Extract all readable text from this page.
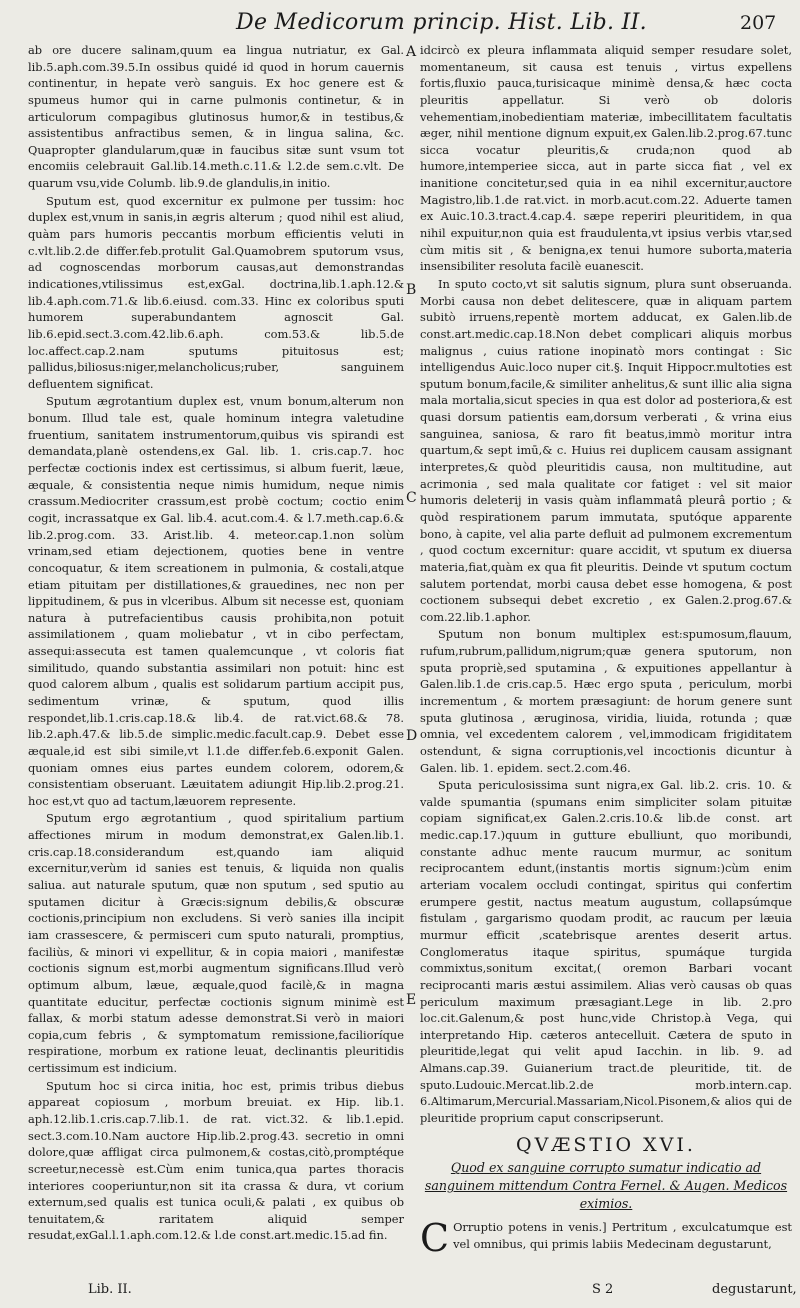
De Medicorum princip. Hist. Lib. II.	207

ab ore ducere salinam,quum ea lingua nutriatur, ex Gal. lib.5.aph.com.39.5.In ossibus quidé id quod in horum cauernis continentur, in hepate verò sanguis. Ex hoc genere est & spumeus humor qui in carne pulmonis continetur, & in articulorum compagibus glutinosus humor,& in testibus,& assistentibus anfractibus semen, & in lingua salina, &c. Quapropter glandularum,quæ in faucibus sitæ sunt vsum tot encomiis celebrauit Gal.lib.14.meth.c.11.& l.2.de sem.c.vlt. De quarum vsu,vide Columb. lib.9.de glandulis,in initio.

Sputum est, quod excernitur ex pulmone per tussim: hoc duplex est,vnum in sanis,in ægris alterum ; quod nihil est aliud, quàm pars humoris peccantis morbum efficientis veluti in c.vlt.lib.2.de differ.feb.protulit Gal.Quamobrem sputorum vsus, ad cognoscendas morborum causas,aut demonstrandas indicationes,vtilissimus est,exGal. doctrina,lib.1.aph.12.& lib.4.aph.com.71.& lib.6.eiusd. com.33. Hinc ex coloribus sputi humorem superabundantem agnoscit Gal. lib.6.epid.sect.3.com.42.lib.6.aph. com.53.& lib.5.de loc.affect.cap.2.nam sputums pituitosus est; pallidus,biliosus:niger,melancholicus;ruber, sanguinem defluentem significat.

Sputum ægrotantium duplex est, vnum bonum,alterum non bonum. Illud tale est, quale hominum integra valetudine fruentium, sanitatem instrumentorum,quibus vis spirandi est demandata,planè ostendens,ex Gal. lib. 1. cris.cap.7. hoc perfectæ coctionis index est certissimus, si album fuerit, læue, æquale, & consistentia neque nimis humidum, neque nimis crassum.Mediocriter crassum,est probè coctum; coctio enim cogit, incrassatque ex Gal. lib.4. acut.com.4. & l.7.meth.cap.6.& lib.2.prog.com. 33. Arist.lib. 4. meteor.cap.1.non solùm vrinam,sed etiam dejectionem, quoties bene in ventre concoquatur, & item screationem in pulmonia, & costali,atque etiam pituitam per distillationes,& grauedines, nec non per lippitudinem, & pus in vlceribus. Album sit necesse est, quoniam natura à putrefacientibus causis prohibita,non potuit assimilationem , quam moliebatur , vt in cibo perfectam, assequi:assecuta est tamen qualemcunque , vt coloris fiat similitudo, quando substantia assimilari non potuit: hinc est quod calorem album , qualis est solidarum partium accipit pus, sedimentum vrinæ, & sputum, quod illis respondet,lib.1.cris.cap.18.& lib.4. de rat.vict.68.& 78. lib.2.aph.47.& lib.5.de simplic.medic.facult.cap.9. Debet esse æquale,id est sibi simile,vt l.1.de differ.feb.6.exponit Galen. quoniam omnes eius partes eundem colorem, odorem,& consistentiam obseruant. Læuitatem adiungit Hip.lib.2.prog.21. hoc est,vt quo ad tactum,læuorem represente.

Sputum ergo ægrotantium , quod spiritalium partium affectiones mirum in modum demonstrat,ex Galen.lib.1. cris.cap.18.considerandum est,quando iam aliquid excernitur,verùm id sanies est tenuis, & liquida non qualis saliua. aut naturale sputum, quæ non sputum , sed sputio au sputamen dicitur à Græcis:signum debilis,& obscuræ coctionis,principium non excludens. Si verò sanies illa incipit iam crassescere, & permisceri cum sputo naturali, promptius, faciliùs, & minori vi expellitur, & in copia maiori , manifestæ coctionis signum est,morbi augmentum significans.Illud verò optimum album, læue, æquale,quod facilè,& in magna quantitate educitur, perfectæ coctionis signum minimè est fallax, & morbi statum adesse demonstrat.Si verò in maiori copia,cum febris , & symptomatum remissione,facilioríque respiratione, morbum ex ratione leuat, declinantis pleuritidis certissimum est indicium.

Sputum hoc si circa initia, hoc est, primis tribus diebus appareat copiosum , morbum breuiat. ex Hip. lib.1. aph.12.lib.1.cris.cap.7.lib.1. de rat. vict.32. & lib.1.epid. sect.3.com.10.Nam auctore Hip.lib.2.prog.43. secretio in omni dolore,quæ affligat circa pulmonem,& costas,citò,promptéque screetur,necessè est.Cùm enim tunica,qua partes thoracis interiores cooperiuntur,non sit ita crassa & dura, vt corium externum,sed qualis est tunica oculi,& palati , ex quibus ob tenuitatem,& raritatem aliquid semper resudat,exGal.l.1.aph.com.12.& l.de const.art.medic.15.ad fin.

A
B
C
D
E

idcircò ex pleura inflammata aliquid semper resudare solet, momentaneum, sit causa est tenuis , virtus expellens fortis,fluxio pauca,turisicaque minimè densa,& hæc cocta pleuritis appellatur. Si verò ob doloris vehementiam,inobedientiam materiæ, imbecillitatem facultatis æger, nihil mentione dignum expuit,ex Galen.lib.2.prog.67.tunc sicca vocatur pleuritis,& cruda;non quod ab humore,intemperiee sicca, aut in parte sicca fiat , vel ex inanitione concitetur,sed quia in ea nihil excernitur,auctore Magistro,lib.1.de rat.vict. in morb.acut.com.22. Aduerte tamen ex Auic.10.3.tract.4.cap.4. sæpe reperiri pleuritidem, in qua nihil expuitur,non quia est fraudulenta,vt ipsius verbis vtar,sed cùm mitis sit , & benigna,ex tenui humore suborta,materia insensibiliter resoluta facilè euanescit.

In sputo cocto,vt sit salutis signum, plura sunt obseruanda. Morbi causa non debet delitescere, quæ in aliquam partem subitò irruens,repentè mortem adducat, ex Galen.lib.de const.art.medic.cap.18.Non debet complicari aliquis morbus malignus , cuius ratione inopinatò mors contingat : Sic intelligendus Auic.loco nuper cit.§. Inquit Hippocr.multoties est sputum bonum,facile,& similiter anhelitus,& sunt illic alia signa mala mortalia,sicut species in qua est dolor ad posteriora,& est quasi dorsum patientis eam,dorsum verberati , & vrina eius sanguinea, saniosa, & raro fit beatus,immò moritur intra quartum,& sept imū,& c. Huius rei duplicem causam assignant interpretes,& quòd pleuritidis causa, non multitudine, aut acrimonia , sed mala qualitate cor fatiget : vel sit maior humoris deleterij in vasis quàm inflammatâ pleurâ portio ; & quòd respirationem parum immutata, sputóque apparente bono, à capite, vel alia parte defluit ad pulmonem excrementum , quod coctum excernitur: quare accidit, vt sputum ex diuersa materia,fiat,quàm ex qua fit pleuritis. Deinde vt sputum coctum salutem portendat, morbi causa debet esse homogena, & post coctionem subsequi debet excretio , ex Galen.2.prog.67.& com.22.lib.1.aphor.

Sputum non bonum multiplex est:spumosum,flauum, rufum,rubrum,pallidum,nigrum;quæ genera sputorum, non sputa propriè,sed sputamina , & expuitiones appellantur à Galen.lib.1.de cris.cap.5. Hæc ergo sputa , periculum, morbi incrementum , & mortem præsagiunt: de horum genere sunt sputa glutinosa , æruginosa, viridia, liuida, rotunda ; quæ omnia, vel excedentem calorem , vel,immodicam frigiditatem ostendunt, & signa corruptionis,vel incoctionis dicuntur à Galen. lib. 1. epidem. sect.2.com.46.

Sputa periculosissima sunt nigra,ex Gal. lib.2. cris. 10. & valde spumantia (spumans enim simpliciter solam pituitæ copiam significat,ex Galen.2.cris.10.& lib.de const. art medic.cap.17.)quum in gutture ebulliunt, quo moribundi, constante adhuc mente raucum murmur, ac sonitum reciprocantem edunt,(instantis mortis signum:)cùm enim arteriam vocalem occludi contingat, spiritus qui confertim erumpere gestit, nactus meatum augustum, collapsúmque fistulam , gargarismo quodam prodit, ac raucum per læuia murmur efficit ,scatebrisque arentes deserit artus. Conglomeratus itaque spiritus, spumáque turgida commixtus,sonitum excitat,( oremon Barbari vocant reciprocanti maris æstui assimilem. Alias verò causas ob quas periculum maximum præsagiant.Lege in lib. 2.pro loc.cit.Galenum,& post hunc,vide Christop.à Vega, qui interpretando Hip. cæteros antecelluit. Cætera de sputo in pleuritide,legat qui velit apud Iacchin. in lib. 9. ad Almans.cap.39. Guianerium tract.de pleuritide, tit. de sputo.Ludouic.Mercat.lib.2.de morb.intern.cap. 6.Altimarum,Mercurial.Massariam,Nicol.Pisonem,& alios qui de pleuritide proprium caput conscripserunt.

QVÆSTIO XVI.
Quod ex sanguine corrupto sumatur indicatio ad sanguinem mittendum Contra Fernel. & Augen. Medicos eximios.

C Orruptio potens in venis.] Pertritum , exculcatumque est vel omnibus, qui primis labiis Medecinam degustarunt,

Lib. II.	S 2	degustarunt,
